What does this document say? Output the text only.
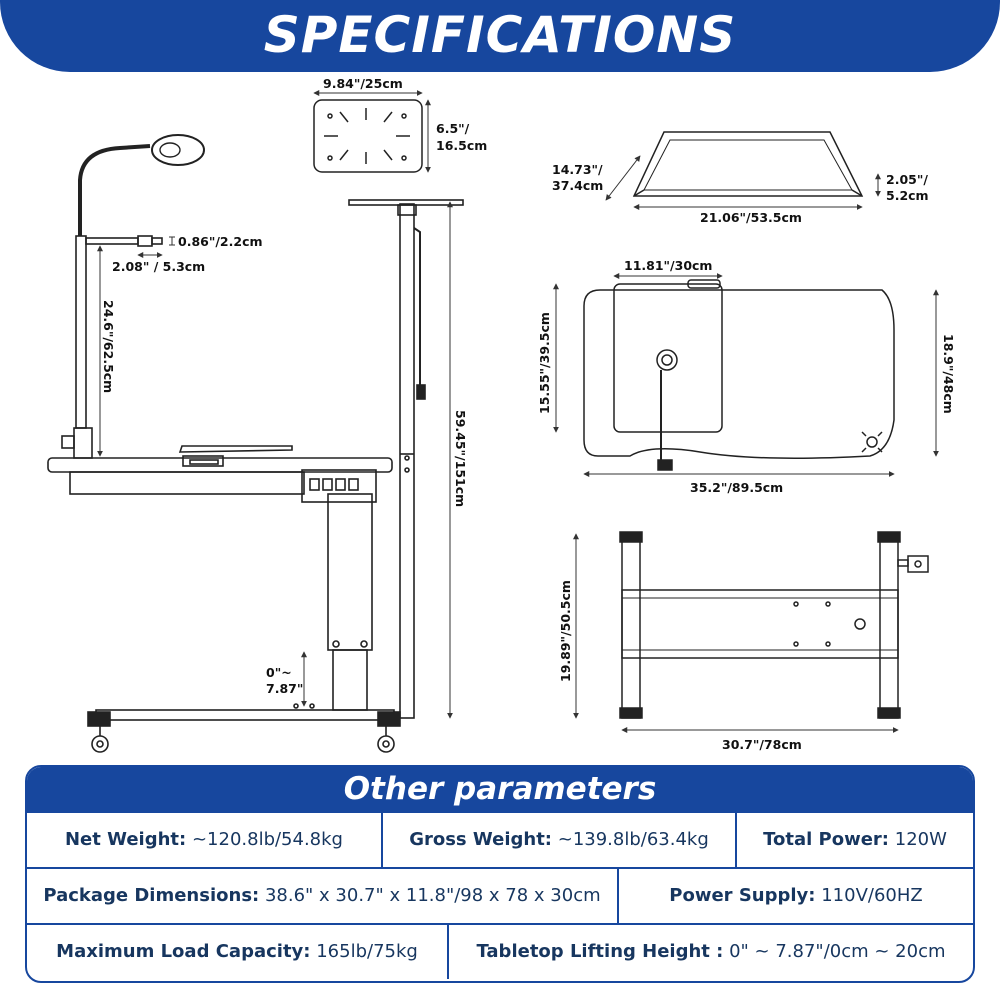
SPECIFICATIONS
9.84"/25cm
6.5"/
16.5cm
0.86"/2.2cm
2.08" / 5.3cm
24.6"/62.5cm
59.45"/151cm
0"~
7.87"
14.73"/
37.4cm	2.05"/
5.2cm
21.06"/53.5cm
11.81"/30cm
15.55"/39.5cm	18.9"/48cm
35.2"/89.5cm
19.89"/50.5cm
30.7"/78cm
Other parameters
Net Weight: ~120.8lb/54.8kg	Gross Weight: ~139.8lb/63.4kg	Total Power: 120W
Package Dimensions: 38.6" x 30.7" x 11.8"/98 x 78 x 30cm	Power Supply: 110V/60HZ
Maximum Load Capacity: 165lb/75kg	Tabletop Lifting Height : 0" ~ 7.87"/0cm ~ 20cm
